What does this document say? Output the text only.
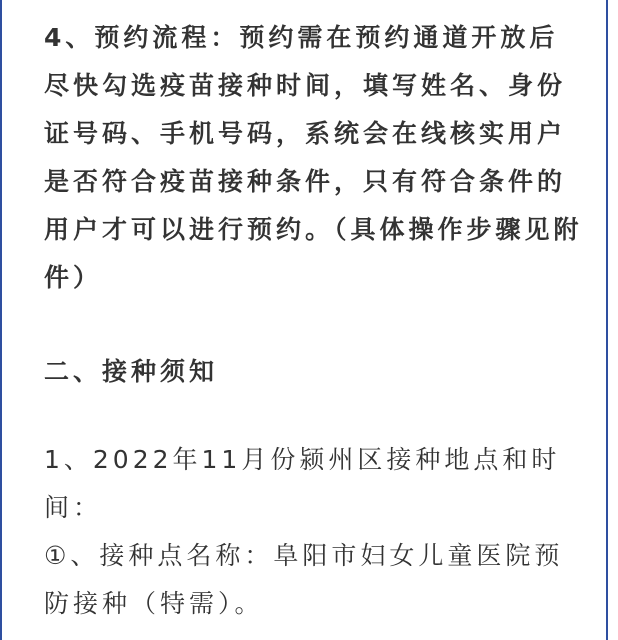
4、预约流程：预约需在预约通道开放后尽快勾选疫苗接种时间，填写姓名、身份证号码、手机号码，系统会在线核实用户是否符合疫苗接种条件，只有符合条件的用户才可以进行预约。（具体操作步骤见附件）

二、接种须知

1、2022年11月份颍州区接种地点和时间：

①、接种点名称：阜阳市妇女儿童医院预防接种（特需）。
